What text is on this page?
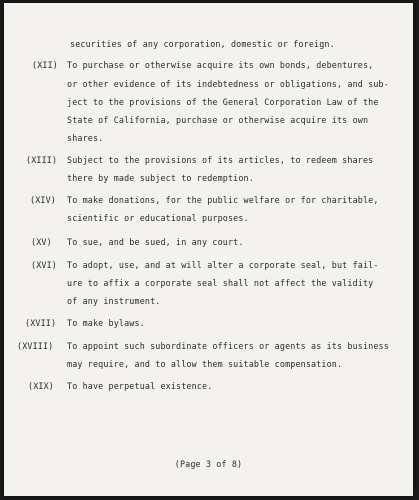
securities of any corporation, domestic or foreign.
(XII) To purchase or otherwise acquire its own bonds, debentures,
or other evidence of its indebtedness or obligations, and sub-
ject to the provisions of the General Corporation Law of the
State of California, purchase or otherwise acquire its own
shares.
(XIII) Subject to the provisions of its articles, to redeem shares
there by made subject to redemption.
(XIV) To make donations, for the public welfare or for charitable,
scientific or educational purposes.
(XV) To sue, and be sued, in any court.
(XVI) To adopt, use, and at will alter a corporate seal, but fail-
ure to affix a corporate seal shall not affect the validity
of any instrument.
(XVII) To make bylaws.
(XVIII) To appoint such subordinate officers or agents as its business
may require, and to allow them suitable compensation.
(XIX) To have perpetual existence.
(Page 3 of 8)
